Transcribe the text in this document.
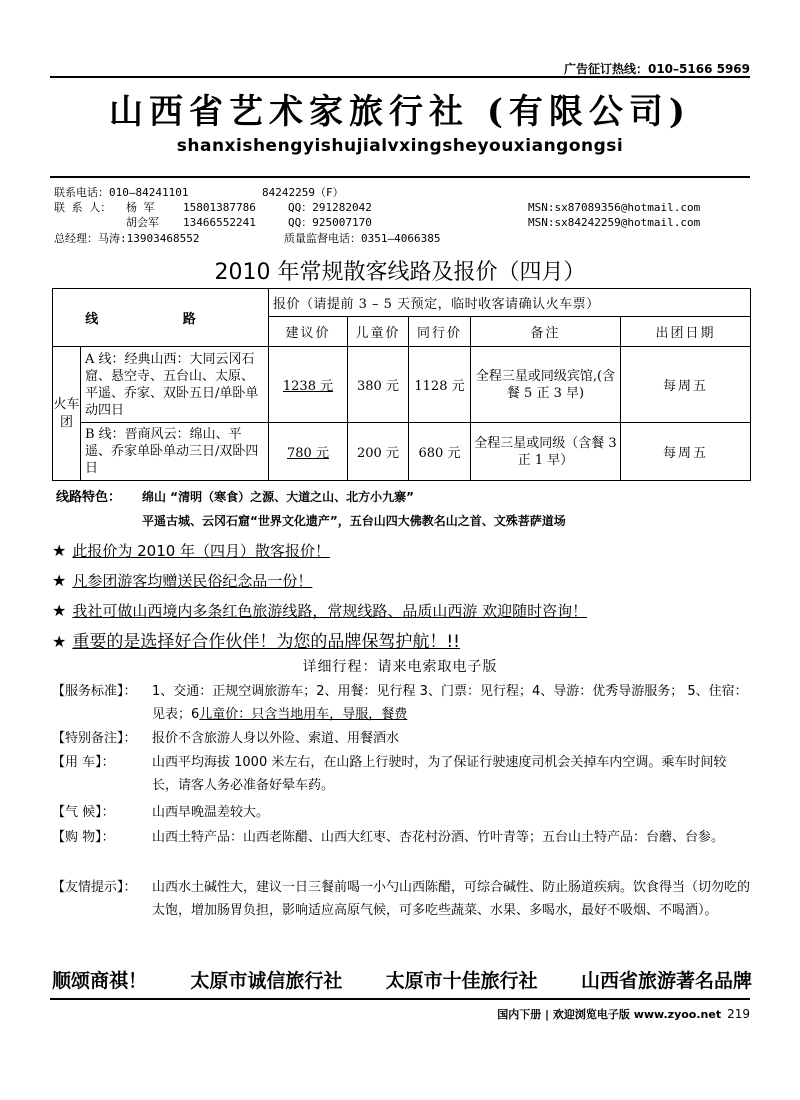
广告征订热线：010–5166 5969
山西省艺术家旅行社 (有限公司)
shanxishengyishujialvxingsheyouxiangongsi
联系电话：010–84241101	84242259（F）
联 系 人： 杨 军	15801387786	QQ：291282042	MSN:sx87089356@hotmail.com
胡会军 13466552241	QQ：925007170	MSN:sx84242259@hotmail.com
总经理：马涛:13903468552	质量监督电话：0351–4066385
2010 年常规散客线路及报价（四月）
线 路		报价（请提前 3 – 5 天预定，临时收客请确认火车票）				
		建议价	儿童价	同行价	备注	出团日期
火车团	A 线：经典山西：大同云冈石窟、悬空寺、五台山、太原、平遥、乔家、双卧五日/单卧单动四日	1238 元	380 元	1128 元	全程三星或同级宾馆,(含餐 5 正 3 早)	每周五
	B 线：晋商风云：绵山、平遥、乔家单卧单动三日/双卧四日	780 元	200 元	680 元	全程三星或同级（含餐 3 正 1 早）	每周五
线路特色： 绵山 “清明（寒食）之源、大道之山、北方小九寨”
平遥古城、云冈石窟“世界文化遗产”，五台山四大佛教名山之首、文殊菩萨道场
★ 此报价为 2010 年（四月）散客报价！
★ 凡参团游客均赠送民俗纪念品一份！
★ 我社可做山西境内多条红色旅游线路，常规线路、品质山西游 欢迎随时咨询！
★ 重要的是选择好合作伙伴！为您的品牌保驾护航！!!
详细行程：请来电索取电子版
【服务标准】：	1、交通：正规空调旅游车；2、用餐：见行程 3、门票：见行程；4、导游：优秀导游服务； 5、住宿：见表；6儿童价：只含当地用车，导服，餐费
【特别备注】：	报价不含旅游人身以外险、索道、用餐酒水
【用 车】：	山西平均海拔 1000 米左右，在山路上行驶时，为了保证行驶速度司机会关掉车内空调。乘车时间较长，请客人务必准备好晕车药。
【气 候】：	山西早晚温差较大。
【购 物】：	山西土特产品：山西老陈醋、山西大红枣、杏花村汾酒、竹叶青等；五台山土特产品：台蘑、台参。
【友情提示】：	山西水土碱性大，建议一日三餐前喝一小勺山西陈醋，可综合碱性、防止肠道疾病。饮食得当（切勿吃的太饱，增加肠胃负担，影响适应高原气候，可多吃些蔬菜、水果、多喝水，最好不吸烟、不喝酒）。
顺颂商祺！ 太原市诚信旅行社 太原市十佳旅行社 山西省旅游著名品牌
国内下册 | 欢迎浏览电子版 www.zyoo.net 219
